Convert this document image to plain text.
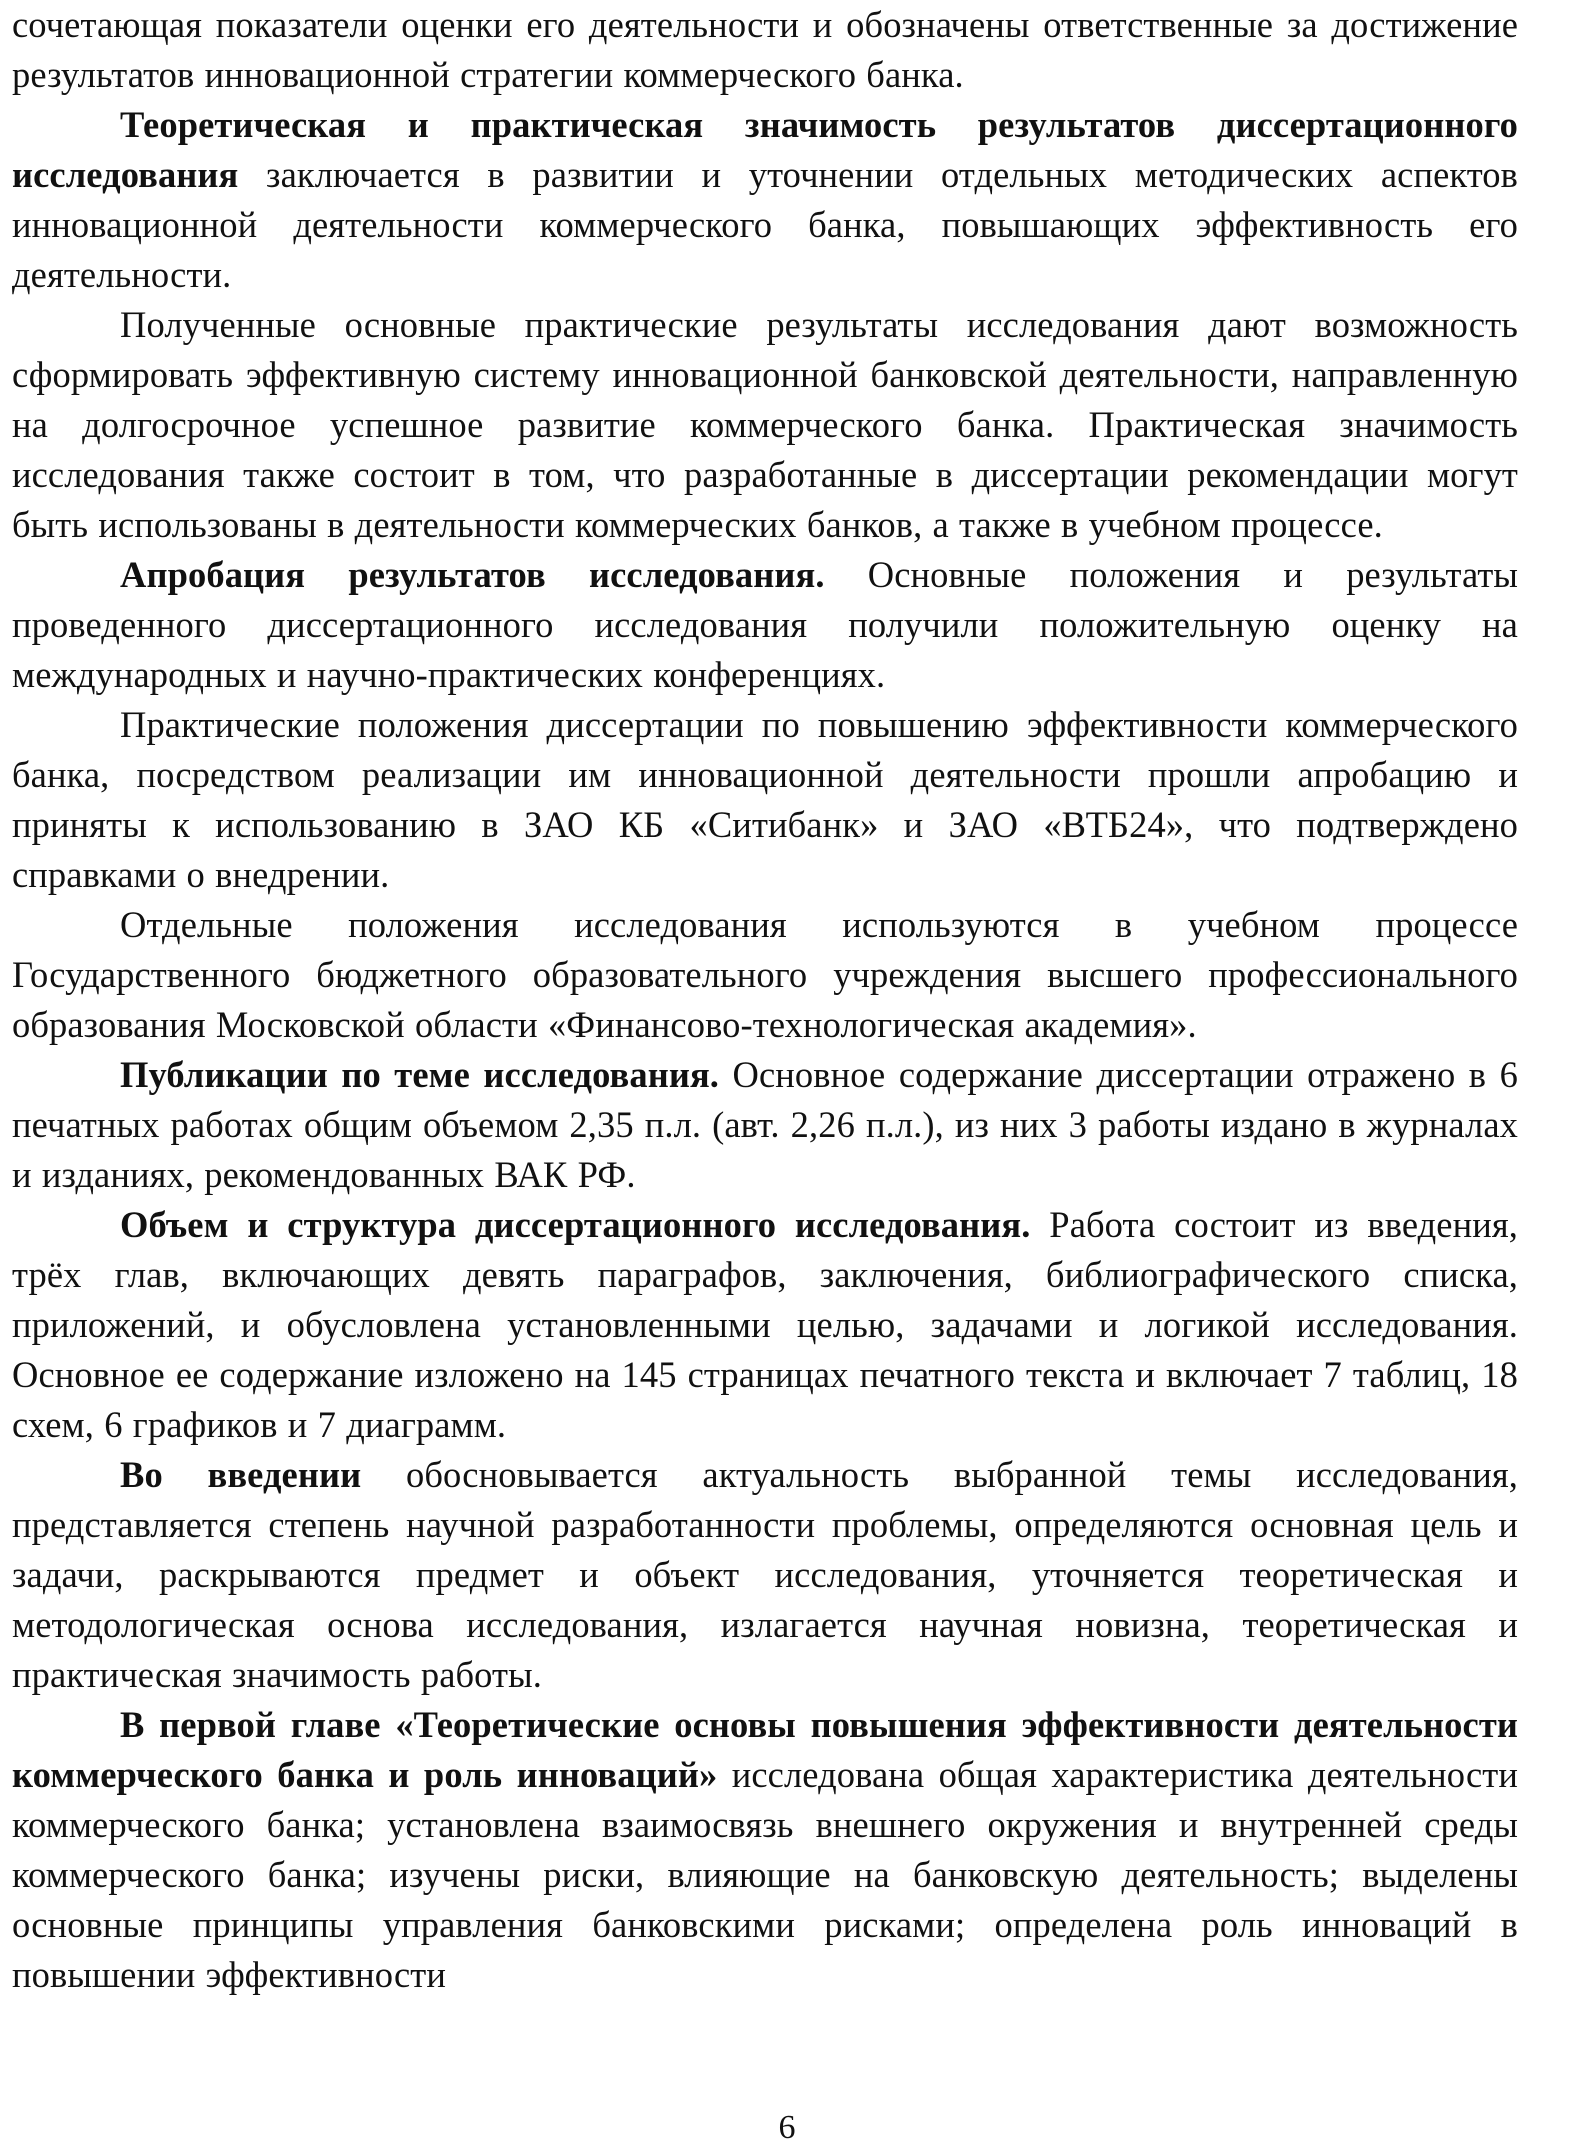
сочетающая показатели оценки его деятельности и обозначены ответственные за достижение результатов инновационной стратегии коммерческого банка.

Теоретическая и практическая значимость результатов диссертационного исследования заключается в развитии и уточнении отдельных методических аспектов инновационной деятельности коммерческого банка, повышающих эффективность его деятельности.

Полученные основные практические результаты исследования дают возможность сформировать эффективную систему инновационной банковской деятельности, направленную на долгосрочное успешное развитие коммерческого банка. Практическая значимость исследования также состоит в том, что разработанные в диссертации рекомендации могут быть использованы в деятельности коммерческих банков, а также в учебном процессе.

Апробация результатов исследования. Основные положения и результаты проведенного диссертационного исследования получили положительную оценку на международных и научно-практических конференциях.

Практические положения диссертации по повышению эффективности коммерческого банка, посредством реализации им инновационной деятельности прошли апробацию и приняты к использованию в ЗАО КБ «Ситибанк» и ЗАО «ВТБ24», что подтверждено справками о внедрении.

Отдельные положения исследования используются в учебном процессе Государственного бюджетного образовательного учреждения высшего профессионального образования Московской области «Финансово-технологическая академия».

Публикации по теме исследования. Основное содержание диссертации отражено в 6 печатных работах общим объемом 2,35 п.л. (авт. 2,26 п.л.), из них 3 работы издано в журналах и изданиях, рекомендованных ВАК РФ.

Объем и структура диссертационного исследования. Работа состоит из введения, трёх глав, включающих девять параграфов, заключения, библиографического списка, приложений, и обусловлена установленными целью, задачами и логикой исследования. Основное ее содержание изложено на 145 страницах печатного текста и включает 7 таблиц, 18 схем, 6 графиков и 7 диаграмм.

Во введении обосновывается актуальность выбранной темы исследования, представляется степень научной разработанности проблемы, определяются основная цель и задачи, раскрываются предмет и объект исследования, уточняется теоретическая и методологическая основа исследования, излагается научная новизна, теоретическая и практическая значимость работы.

В первой главе «Теоретические основы повышения эффективности деятельности коммерческого банка и роль инноваций» исследована общая характеристика деятельности коммерческого банка; установлена взаимосвязь внешнего окружения и внутренней среды коммерческого банка; изучены риски, влияющие на банковскую деятельность; выделены основные принципы управления банковскими рисками; определена роль инноваций в повышении эффективности

6
